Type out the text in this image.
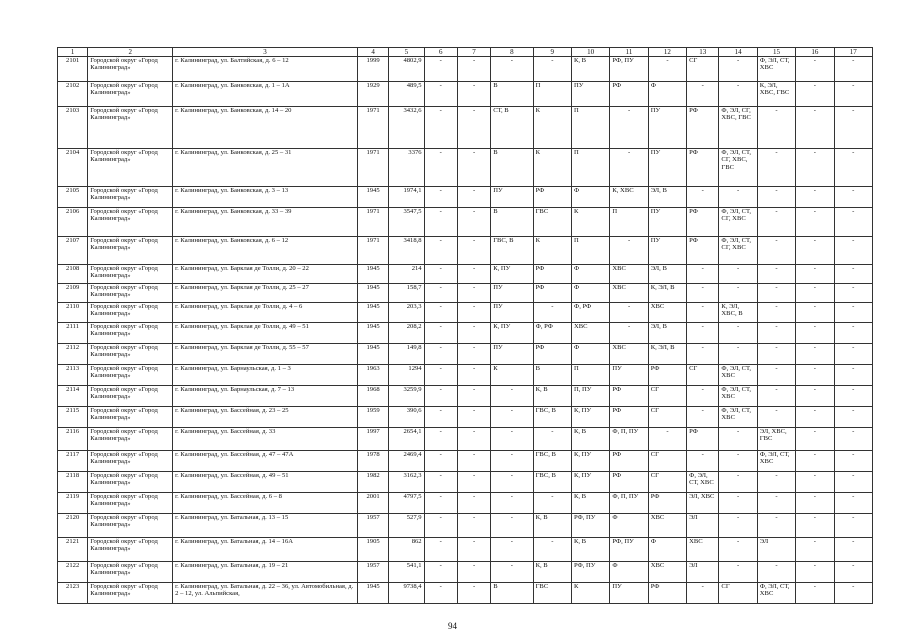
1	2	3	4	5	6	7	8	9	10	11	12	13	14	15	16	17
2101	Городской округ «Город Калининград»	г. Калининград, ул. Балтийская, д. 6 – 12	1999	4802,9	-	-	-	-	К, В	РФ, ПУ	-	СГ	-	Ф, ЭЛ, СТ, ХВС	-	-
2102	Городской округ «Город Калининград»	г. Калининград, ул. Банковская, д. 1 – 1А	1929	489,5	-	-	В	П	ПУ	РФ	Ф	-	-	К, ЭЛ, ХВС, ГВС	-	-
2103	Городской округ «Город Калининград»	г. Калининград, ул. Банковская, д. 14 – 20	1971	3432,6	-	-	СТ, В	К	П	-	ПУ	РФ	Ф, ЭЛ, СГ, ХВС, ГВС	-	-	-
2104	Городской округ «Город Калининград»	г. Калининград, ул. Банковская, д. 25 – 31	1971	3376	-	-	В	К	П	-	ПУ	РФ	Ф, ЭЛ, СТ, СГ, ХВС, ГВС	-	-	-
2105	Городской округ «Город Калининград»	г. Калининград, ул. Банковская, д. 3 – 13	1945	1974,1	-	-	ПУ	РФ	Ф	К, ХВС	ЭЛ, В	-	-	-	-	-
2106	Городской округ «Город Калининград»	г. Калининград, ул. Банковская, д. 33 – 39	1971	3547,5	-	-	В	ГВС	К	П	ПУ	РФ	Ф, ЭЛ, СТ, СГ, ХВС	-	-	-
2107	Городской округ «Город Калининград»	г. Калининград, ул. Банковская, д. 6 – 12	1971	3418,8	-	-	ГВС, В	К	П	-	ПУ	РФ	Ф, ЭЛ, СТ, СГ, ХВС	-	-	-
2108	Городской округ «Город Калининград»	г. Калининград, ул. Барклая де Толли, д. 20 – 22	1945	214	-	-	К, ПУ	РФ	Ф	ХВС	ЭЛ, В	-	-	-	-	-
2109	Городской округ «Город Калининград»	г. Калининград, ул. Барклая де Толли, д. 25 – 27	1945	158,7	-	-	ПУ	РФ	Ф	ХВС	К, ЭЛ, В	-	-	-	-	-
2110	Городской округ «Город Калининград»	г. Калининград, ул. Барклая де Толли, д. 4 – 6	1945	203,3	-	-	ПУ	-	Ф, РФ	-	ХВС	-	К, ЭЛ, ХВС, В	-	-	-
2111	Городской округ «Город Калининград»	г. Калининград, ул. Барклая де Толли, д. 49 – 51	1945	208,2	-	-	К, ПУ	Ф, РФ	ХВС	-	ЭЛ, В	-	-	-	-	-
2112	Городской округ «Город Калининград»	г. Калининград, ул. Барклая де Толли, д. 55 – 57	1945	149,8	-	-	ПУ	РФ	Ф	ХВС	К, ЭЛ, В	-	-	-	-	-
2113	Городской округ «Город Калининград»	г. Калининград, ул. Барнаульская, д. 1 – 3	1963	1294	-	-	К	В	П	ПУ	РФ	СГ	Ф, ЭЛ, СТ, ХВС	-	-	-
2114	Городской округ «Город Калининград»	г. Калининград, ул. Барнаульская, д. 7 – 13	1968	3259,9	-	-	-	К, В	П, ПУ	РФ	СГ	-	Ф, ЭЛ, СТ, ХВС	-	-	-
2115	Городской округ «Город Калининград»	г. Калининград, ул. Бассейная, д. 23 – 25	1959	390,6	-	-	-	ГВС, В	К, ПУ	РФ	СГ	-	Ф, ЭЛ, СТ, ХВС	-	-	-
2116	Городской округ «Город Калининград»	г. Калининград, ул. Бассейная, д. 33	1997	2654,1	-	-	-	-	К, В	Ф, П, ПУ	-	РФ	-	ЭЛ, ХВС, ГВС	-	-
2117	Городской округ «Город Калининград»	г. Калининград, ул. Бассейная, д. 47 – 47А	1978	2469,4	-	-	-	ГВС, В	К, ПУ	РФ	СГ	-	-	Ф, ЭЛ, СТ, ХВС	-	-
2118	Городской округ «Город Калининград»	г. Калининград, ул. Бассейная, д. 49 – 51	1982	3162,3	-	-	-	ГВС, В	К, ПУ	РФ	СГ	Ф, ЭЛ, СТ, ХВС	-	-	-	-
2119	Городской округ «Город Калининград»	г. Калининград, ул. Бассейная, д. 6 – 8	2001	4797,5	-	-	-	-	К, В	Ф, П, ПУ	РФ	ЭЛ, ХВС	-	-	-	-
2120	Городской округ «Город Калининград»	г. Калининград, ул. Батальная, д. 13 – 15	1957	527,9	-	-	-	К, В	РФ, ПУ	Ф	ХВС	ЭЛ	-	-	-	-
2121	Городской округ «Город Калининград»	г. Калининград, ул. Батальная, д. 14 – 16А	1905	862	-	-	-	-	К, В	РФ, ПУ	Ф	ХВС	-	ЭЛ	-	-
2122	Городской округ «Город Калининград»	г. Калининград, ул. Батальная, д. 19 – 21	1957	541,1	-	-	-	К, В	РФ, ПУ	Ф	ХВС	ЭЛ	-	-	-	-
2123	Городской округ «Город Калининград»	г. Калининград, ул. Батальная, д. 22 – 36, ул. Автомобильная, д. 2 – 12, ул. Альпийская,	1945	9738,4	-	-	В	ГВС	К	ПУ	РФ	-	СГ	Ф, ЭЛ, СТ, ХВС	-	-
94
